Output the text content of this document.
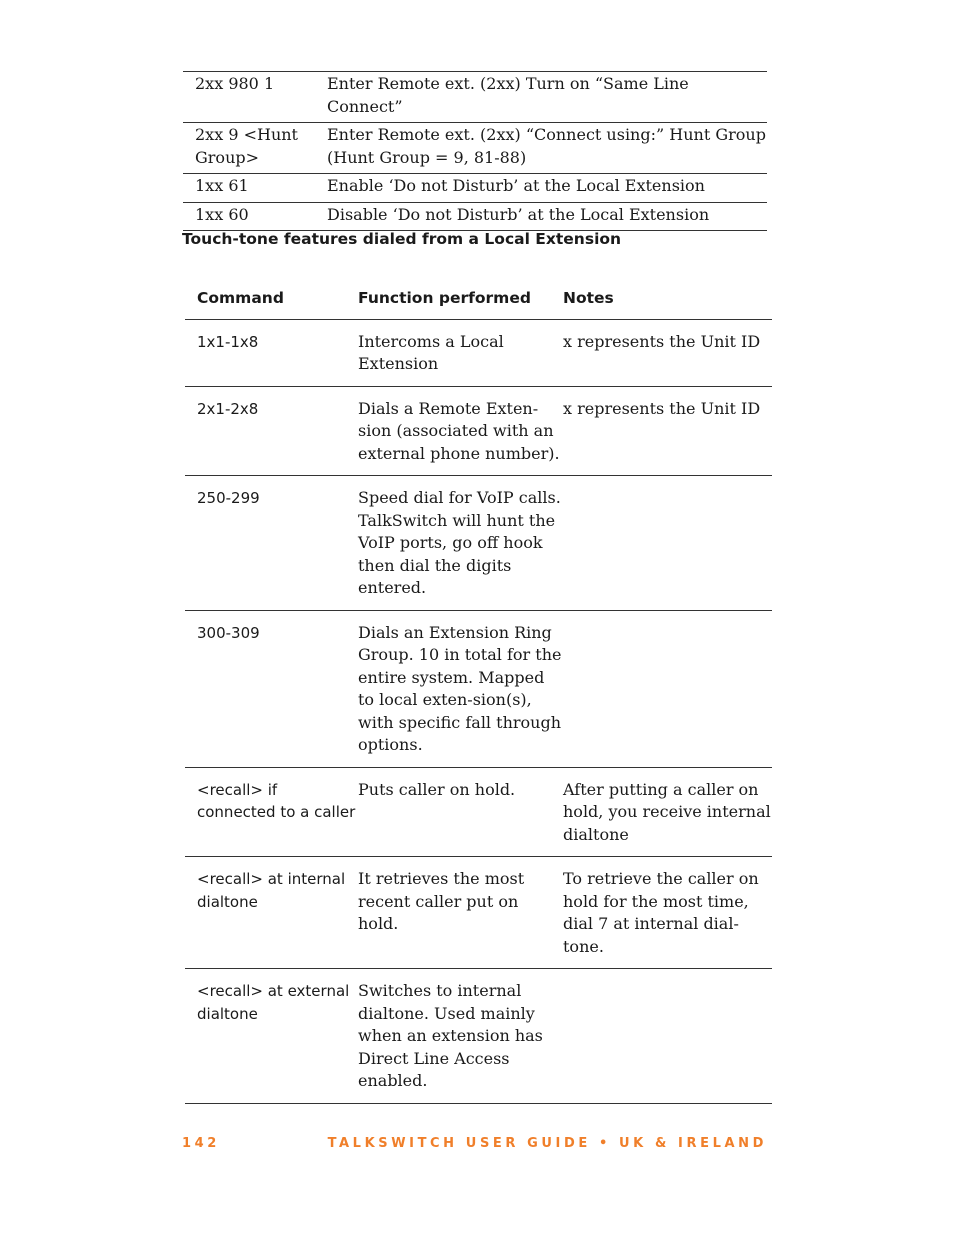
2xx 980 1	Enter Remote ext. (2xx) Turn on “Same Line Connect”
2xx 9 <Hunt Group>	Enter Remote ext. (2xx) “Connect using:” Hunt Group (Hunt Group = 9, 81-88)
1xx 61	Enable ‘Do not Disturb’ at the Local Extension
1xx 60	Disable ‘Do not Disturb’ at the Local Extension
Touch-tone features dialed from a Local Extension
Command	Function performed	Notes
1x1-1x8	Intercoms a Local Extension	x represents the Unit ID
2x1-2x8	Dials a Remote Exten-sion (associated with an external phone number).	x represents the Unit ID
250-299	Speed dial for VoIP calls. TalkSwitch will hunt the VoIP ports, go off hook then dial the digits entered.	
300-309	Dials an Extension Ring Group. 10 in total for the entire system. Mapped to local exten-sion(s), with specific fall through options.	
<recall> if connected to a caller	Puts caller on hold.	After putting a caller on hold, you receive internal dialtone
<recall> at internal dialtone	It retrieves the most recent caller put on hold.	To retrieve the caller on hold for the most time, dial 7 at internal dial-tone.
<recall> at external dialtone	Switches to internal dialtone. Used mainly when an extension has Direct Line Access enabled.	
142	TALKSWITCH USER GUIDE • UK & IRELAND
